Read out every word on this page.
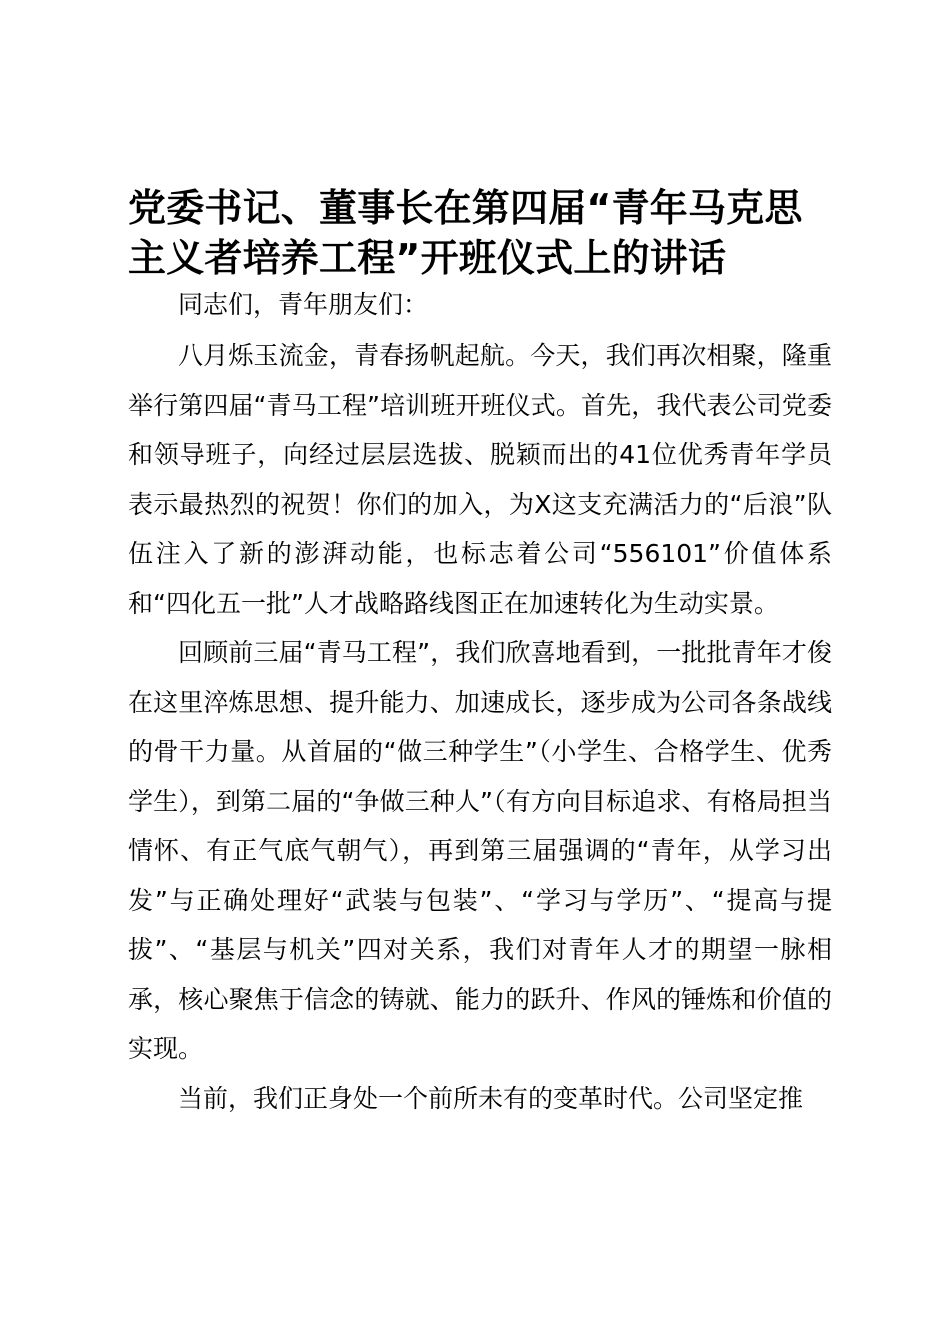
党委书记、董事长在第四届“青年马克思主义者培养工程”开班仪式上的讲话

同志们，青年朋友们：

八月烁玉流金，青春扬帆起航。今天，我们再次相聚，隆重举行第四届“青马工程”培训班开班仪式。首先，我代表公司党委和领导班子，向经过层层选拔、脱颖而出的41位优秀青年学员表示最热烈的祝贺！你们的加入，为X这支充满活力的“后浪”队伍注入了新的澎湃动能，也标志着公司“556101”价值体系和“四化五一批”人才战略路线图正在加速转化为生动实景。

回顾前三届“青马工程”，我们欣喜地看到，一批批青年才俊在这里淬炼思想、提升能力、加速成长，逐步成为公司各条战线的骨干力量。从首届的“做三种学生”（小学生、合格学生、优秀学生），到第二届的“争做三种人”（有方向目标追求、有格局担当情怀、有正气底气朝气），再到第三届强调的“青年，从学习出发”与正确处理好“武装与包装”、“学习与学历”、“提高与提拔”、“基层与机关”四对关系，我们对青年人才的期望一脉相承，核心聚焦于信念的铸就、能力的跃升、作风的锤炼和价值的实现。

当前，我们正身处一个前所未有的变革时代。公司坚定推
